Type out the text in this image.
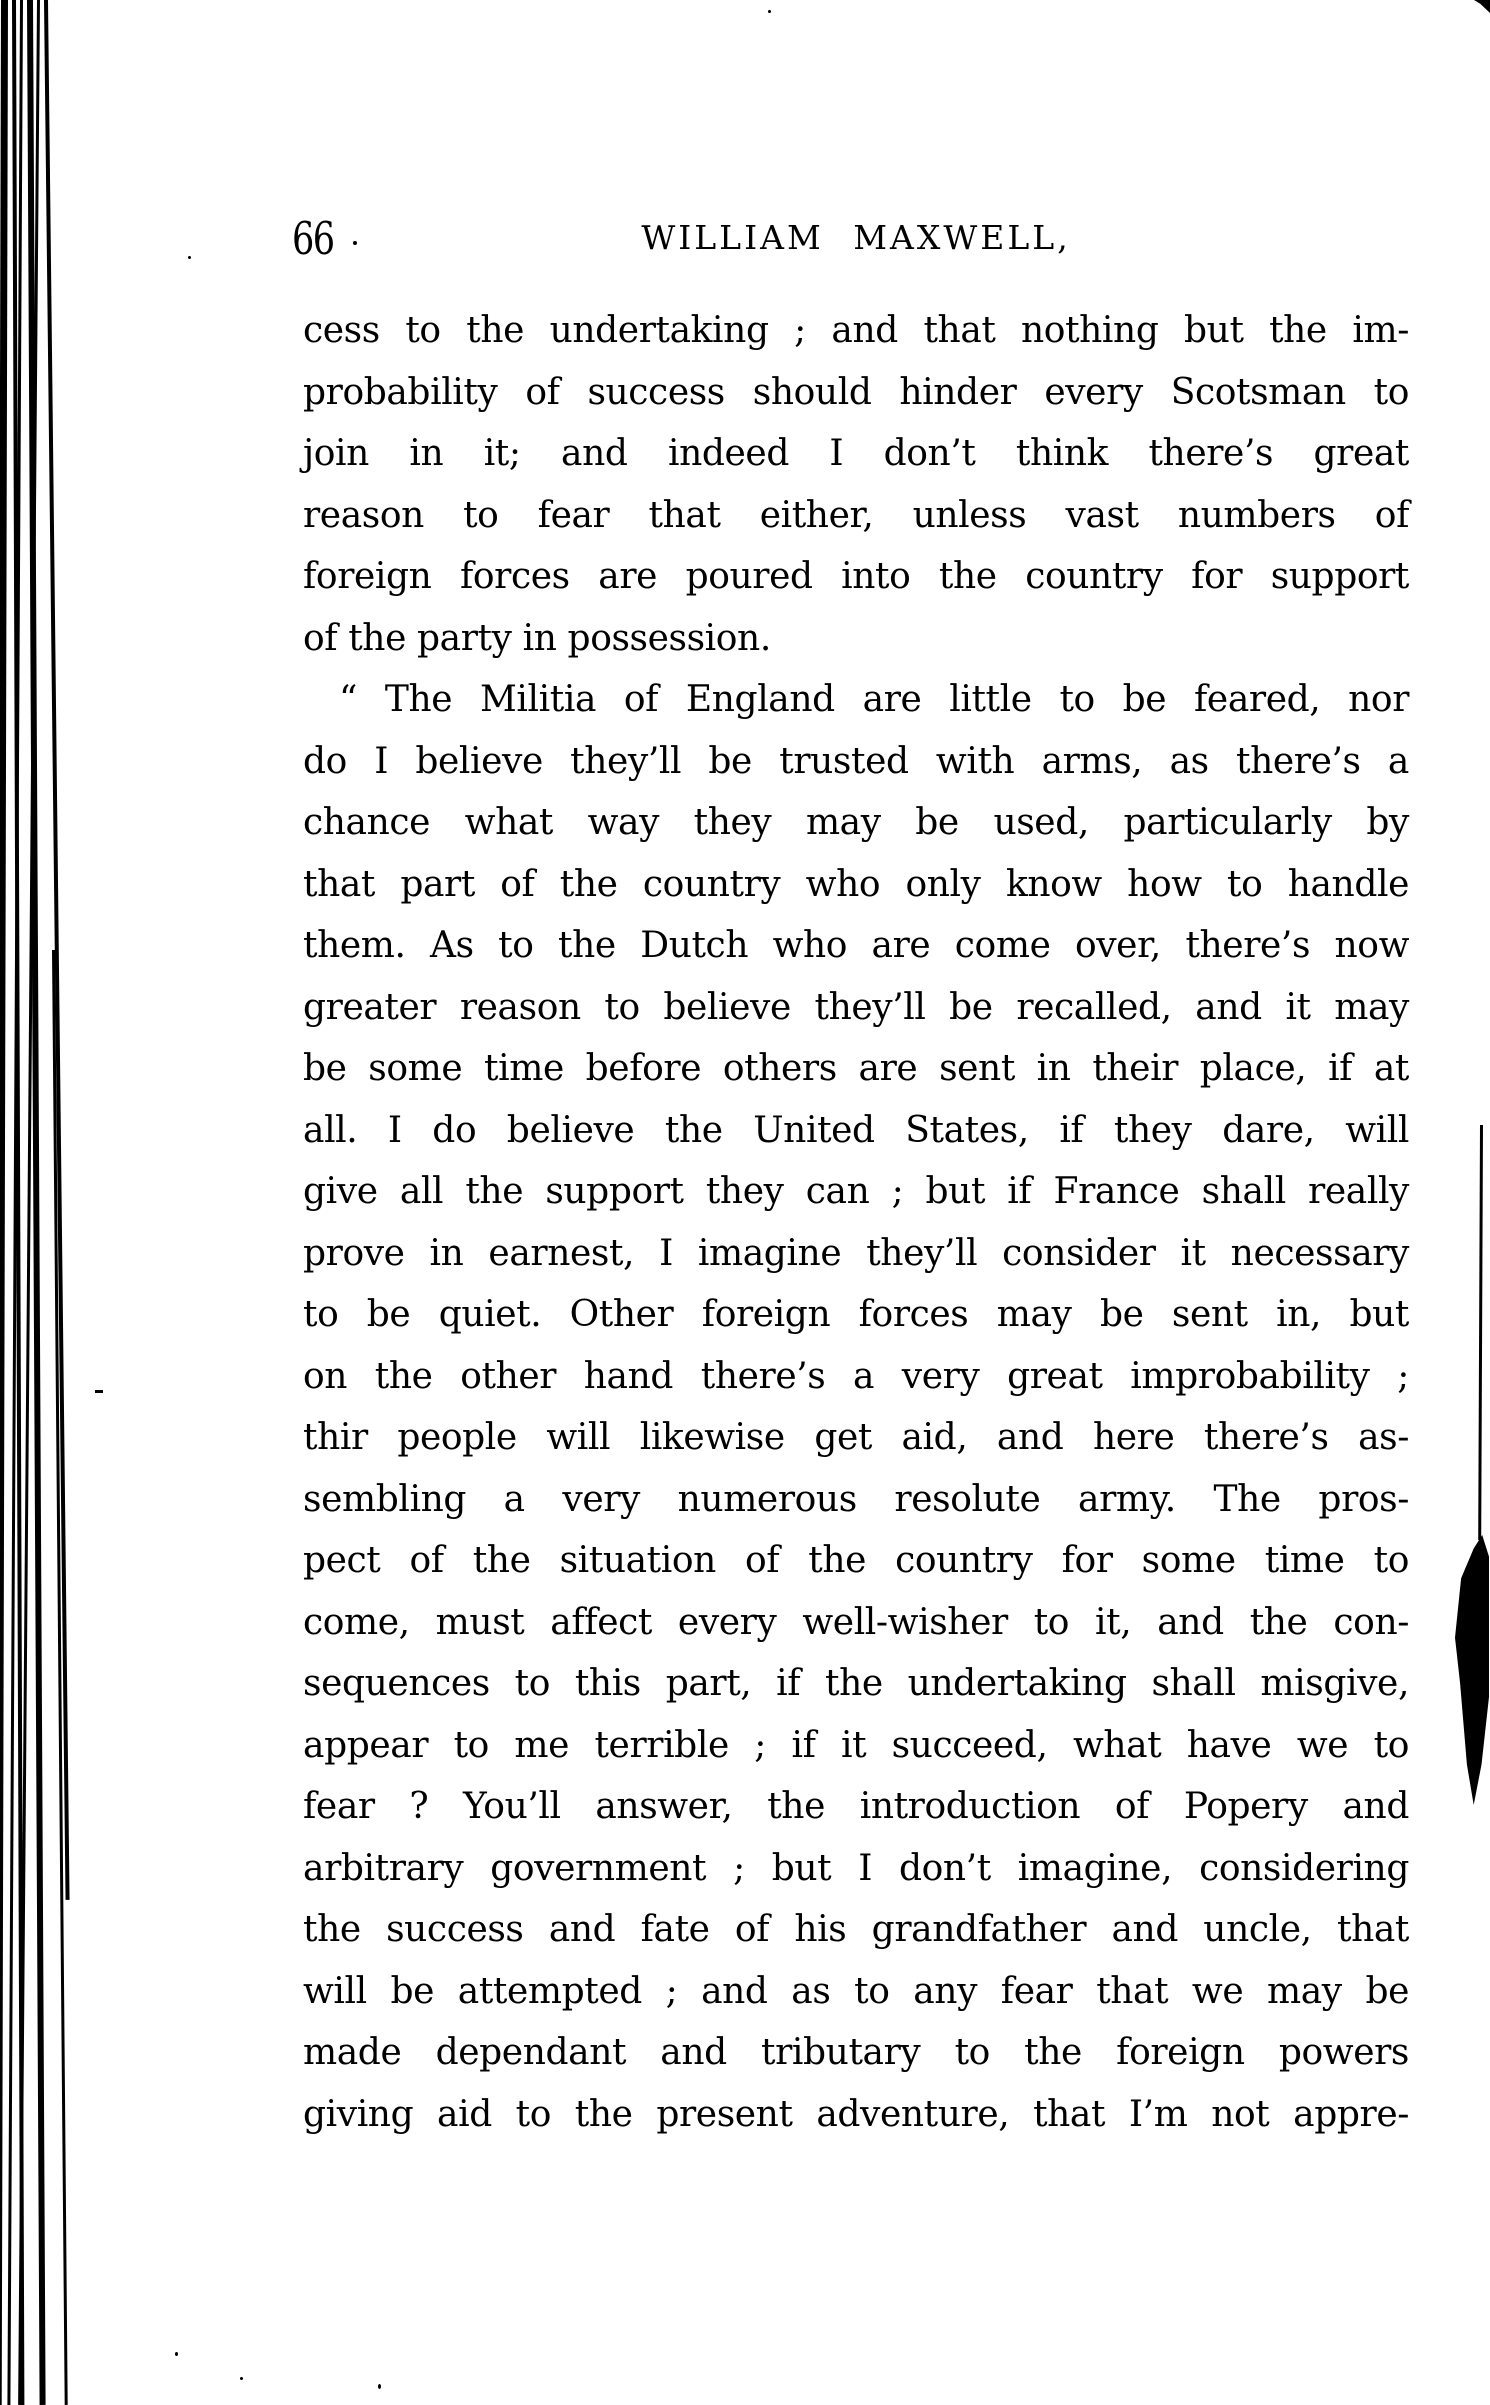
66	WILLIAM MAXWELL,
cess to the undertaking ; and that nothing but the im-
probability of success should hinder every Scotsman to
join in it; and indeed I don’t think there’s great
reason to fear that either, unless vast numbers of
foreign forces are poured into the country for support
of the party in possession.
“ The Militia of England are little to be feared, nor
do I believe they’ll be trusted with arms, as there’s a
chance what way they may be used, particularly by
that part of the country who only know how to handle
them. As to the Dutch who are come over, there’s now
greater reason to believe they’ll be recalled, and it may
be some time before others are sent in their place, if at
all. I do believe the United States, if they dare, will
give all the support they can ; but if France shall really
prove in earnest, I imagine they’ll consider it necessary
to be quiet. Other foreign forces may be sent in, but
on the other hand there’s a very great improbability ;
thir people will likewise get aid, and here there’s as-
sembling a very numerous resolute army. The pros-
pect of the situation of the country for some time to
come, must affect every well-wisher to it, and the con-
sequences to this part, if the undertaking shall misgive,
appear to me terrible ; if it succeed, what have we to
fear ? You’ll answer, the introduction of Popery and
arbitrary government ; but I don’t imagine, considering
the success and fate of his grandfather and uncle, that
will be attempted ; and as to any fear that we may be
made dependant and tributary to the foreign powers
giving aid to the present adventure, that I’m not appre-
